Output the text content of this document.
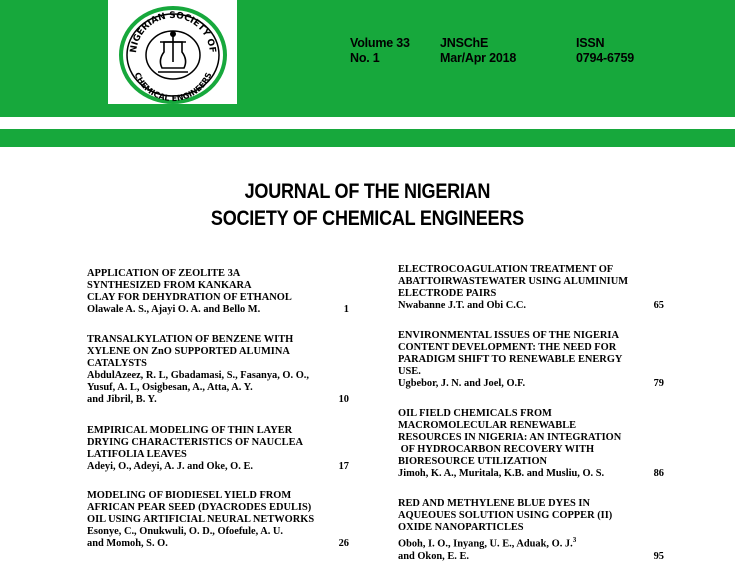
NIGERIAN SOCIETY OF
CHEMICAL ENGINEERS
Volume 33
No. 1
JNSChE
Mar/Apr 2018
ISSN
0794-6759
JOURNAL OF THE NIGERIAN
SOCIETY OF CHEMICAL ENGINEERS
APPLICATION OF ZEOLITE 3A
SYNTHESIZED FROM KANKARA
CLAY FOR DEHYDRATION OF ETHANOL
Olawale A. S., Ajayi O. A. and Bello M.	1
TRANSALKYLATION OF BENZENE WITH
XYLENE ON ZnO SUPPORTED ALUMINA
CATALYSTS
AbdulAzeez, R. L, Gbadamasi, S., Fasanya, O. O.,
Yusuf, A. L, Osigbesan, A., Atta, A. Y.
and Jibril, B. Y.	10
EMPIRICAL MODELING OF THIN LAYER
DRYING CHARACTERISTICS OF NAUCLEA
LATIFOLIA LEAVES
Adeyi, O., Adeyi, A. J. and Oke, O. E.	17
MODELING OF BIODIESEL YIELD FROM
AFRICAN PEAR SEED (DYACRODES EDULIS)
OIL USING ARTIFICIAL NEURAL NETWORKS
Esonye, C., Onukwuli, O. D., Ofoefule, A. U.
and Momoh, S. O.	26
ELECTROCOAGULATION TREATMENT OF
ABATTOIRWASTEWATER USING ALUMINIUM
ELECTRODE PAIRS
Nwabanne J.T. and Obi C.C.	65
ENVIRONMENTAL ISSUES OF THE NIGERIA
CONTENT DEVELOPMENT: THE NEED FOR
PARADIGM SHIFT TO RENEWABLE ENERGY
USE.
Ugbebor, J. N. and Joel, O.F.	79
OIL FIELD CHEMICALS FROM
MACROMOLECULAR RENEWABLE
RESOURCES IN NIGERIA: AN INTEGRATION
OF HYDROCARBON RECOVERY WITH
BIORESOURCE UTILIZATION
Jimoh, K. A., Muritala, K.B. and Musliu, O. S.	86
RED AND METHYLENE BLUE DYES IN
AQUEOUES SOLUTION USING COPPER (II)
OXIDE NANOPARTICLES
Oboh, I. O., Inyang, U. E., Aduak, O. J.$^3$
and Okon, E. E.	95
